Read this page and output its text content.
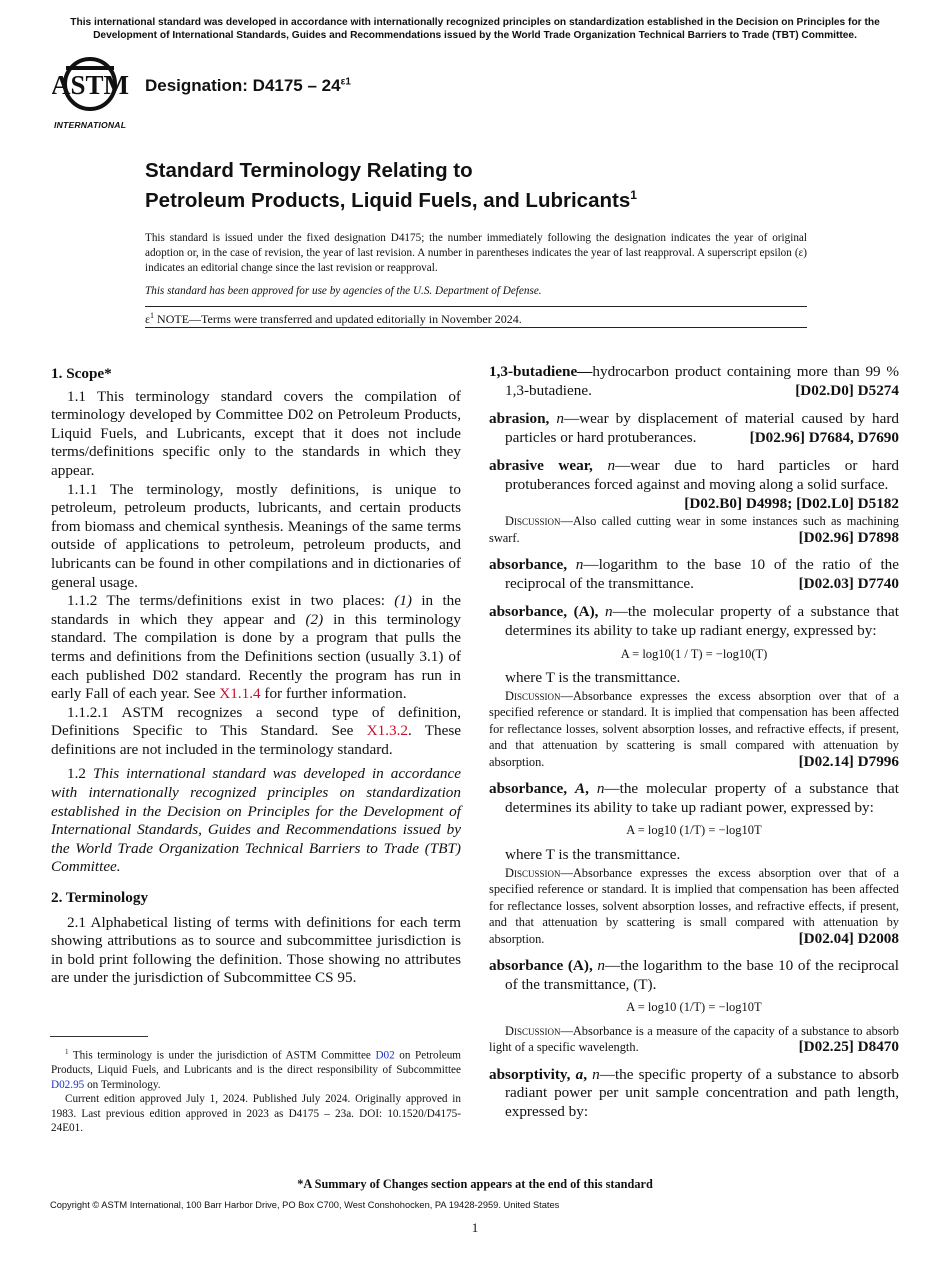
This international standard was developed in accordance with internationally recognized principles on standardization established in the Decision on Principles for the Development of International Standards, Guides and Recommendations issued by the World Trade Organization Technical Barriers to Trade (TBT) Committee.
ASTM
INTERNATIONAL
Designation: $D4175 - 24^{\varepsilon 1}$
Standard Terminology Relating to
Petroleum Products, Liquid Fuels, and Lubricants$^1$
This standard is issued under the fixed designation D4175; the number immediately following the designation indicates the year of original adoption or, in the case of revision, the year of last revision. A number in parentheses indicates the year of last reapproval. A superscript epsilon (ε) indicates an editorial change since the last revision or reapproval.
This standard has been approved for use by agencies of the U.S. Department of Defense.
$\varepsilon^1$ NOTE—Terms were transferred and updated editorially in November 2024.

1. Scope*

1.1 This terminology standard covers the compilation of terminology developed by Committee D02 on Petroleum Products, Liquid Fuels, and Lubricants, except that it does not include terms/definitions specific only to the standards in which they appear.

1.1.1 The terminology, mostly definitions, is unique to petroleum, petroleum products, lubricants, and certain products from biomass and chemical synthesis. Meanings of the same terms outside of applications to petroleum, petroleum products, and lubricants can be found in other compilations and in dictionaries of general usage.

1.1.2 The terms/definitions exist in two places: (1) in the standards in which they appear and (2) in this terminology standard. The compilation is done by a program that pulls the terms and definitions from the Definitions section (usually 3.1) of each published D02 standard. Recently the program has run in early Fall of each year. See X1.1.4 for further information.

1.1.2.1 ASTM recognizes a second type of definition, Definitions Specific to This Standard. See X1.3.2. These definitions are not included in the terminology standard.

1.2 This international standard was developed in accordance with internationally recognized principles on standardization established in the Decision on Principles for the Development of International Standards, Guides and Recommendations issued by the World Trade Organization Technical Barriers to Trade (TBT) Committee.

2. Terminology

2.1 Alphabetical listing of terms with definitions for each term showing attributions as to source and subcommittee jurisdiction is in bold print following the definition. Those showing no attributes are under the jurisdiction of Subcommittee CS 95.

$^1$ This terminology is under the jurisdiction of ASTM Committee D02 on Petroleum Products, Liquid Fuels, and Lubricants and is the direct responsibility of Subcommittee D02.95 on Terminology.

Current edition approved July 1, 2024. Published July 2024. Originally approved in 1983. Last previous edition approved in 2023 as D4175 – 23a. DOI: 10.1520/D4175-24E01.

1,3-butadiene—hydrocarbon product containing more than 99 % 1,3-butadiene.	[D02.D0] D5274

abrasion, n—wear by displacement of material caused by hard particles or hard protuberances.	[D02.96] D7684, D7690

abrasive wear, n—wear due to hard particles or hard protuberances forced against and moving along a solid surface.
[D02.B0] D4998; [D02.L0] D5182

Discussion—Also called cutting wear in some instances such as machining swarf.	[D02.96] D7898

absorbance, n—logarithm to the base 10 of the ratio of the reciprocal of the transmittance.	[D02.03] D7740

absorbance, (A), n—the molecular property of a substance that determines its ability to take up radiant energy, expressed by:

A = log10(1 / T) = −log10(T)

where T is the transmittance.

Discussion—Absorbance expresses the excess absorption over that of a specified reference or standard. It is implied that compensation has been affected for reflectance losses, solvent absorption losses, and refractive effects, if present, and that attenuation by scattering is small compared with attenuation by absorption.	[D02.14] D7996

absorbance, A, n—the molecular property of a substance that determines its ability to take up radiant power, expressed by:

A = log10 (1/T) = −log10T

where T is the transmittance.

Discussion—Absorbance expresses the excess absorption over that of a specified reference or standard. It is implied that compensation has been affected for reflectance losses, solvent absorption losses, and refractive effects, if present, and that attenuation by scattering is small compared with attenuation by absorption.	[D02.04] D2008

absorbance (A), n—the logarithm to the base 10 of the reciprocal of the transmittance, (T).

A = log10 (1/T) = −log10T

Discussion—Absorbance is a measure of the capacity of a substance to absorb light of a specific wavelength.	[D02.25] D8470

absorptivity, a, n—the specific property of a substance to absorb radiant power per unit sample concentration and path length, expressed by:

*A Summary of Changes section appears at the end of this standard
Copyright © ASTM International, 100 Barr Harbor Drive, PO Box C700, West Conshohocken, PA 19428-2959. United States
1
